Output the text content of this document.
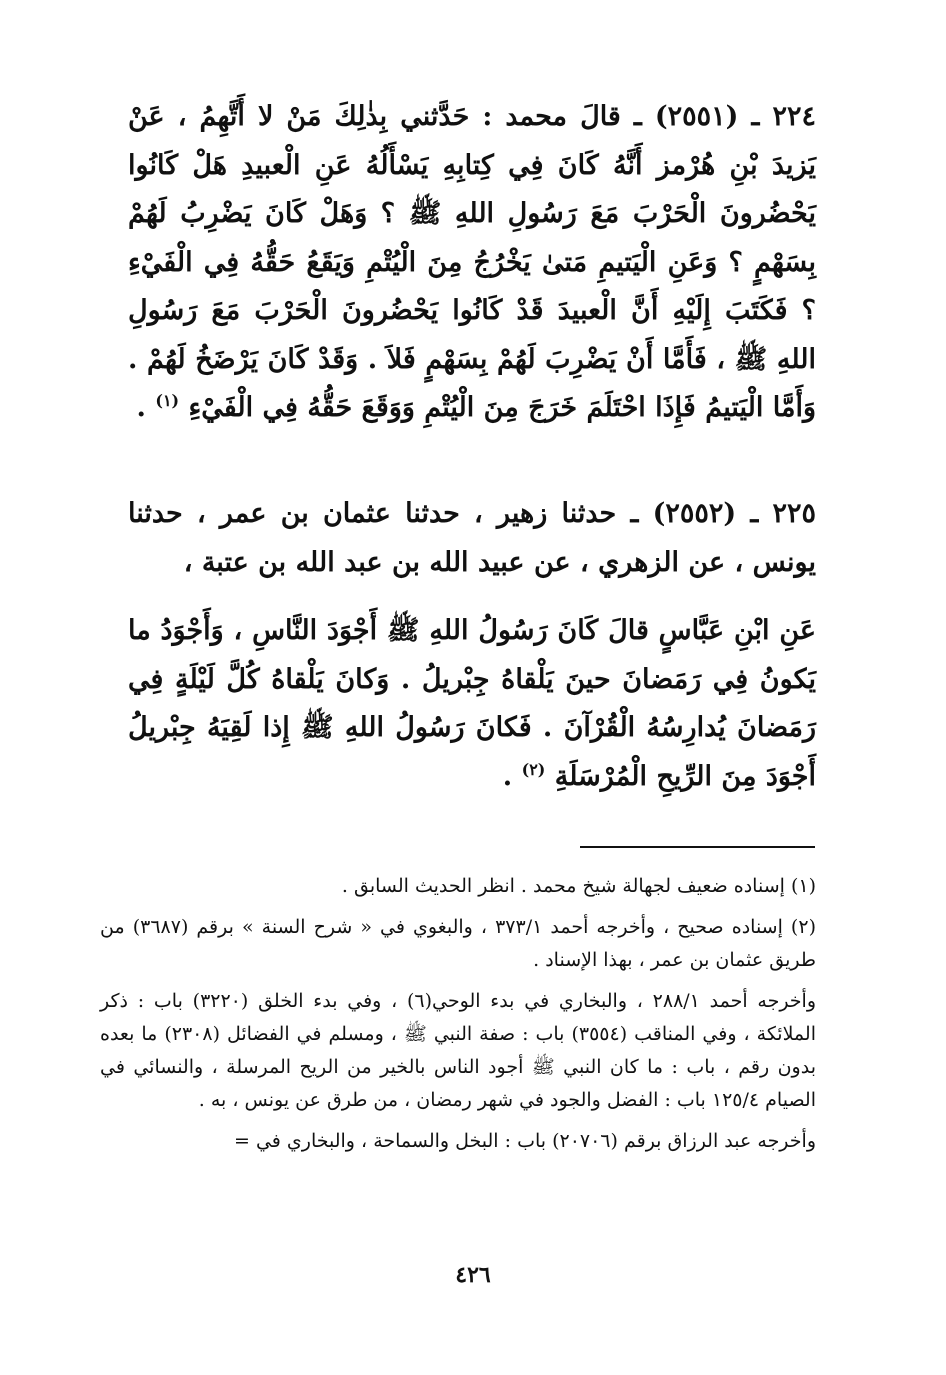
٢٢٤ ـ (٢٥٥١) ـ قالَ محمد : حَدَّثني بِذٰلِكَ مَنْ لا أَتَّهِمُ ، عَنْ يَزيدَ بْنِ هُرْمز أَنَّهُ كَانَ فِي كِتابِهِ يَسْأَلُهُ عَنِ الْعبيدِ هَلْ كَانُوا يَحْضُرونَ الْحَرْبَ مَعَ رَسُولِ اللهِ ﷺ ؟ وَهَلْ كَانَ يَضْرِبُ لَهُمْ بِسَهْمٍ ؟ وَعَنِ الْيَتيمِ مَتىٰ يَخْرُجُ مِنَ الْيُتْمِ وَيَقَعُ حَقُّهُ فِي الْفَيْءِ ؟ فَكَتَبَ إِلَيْهِ أَنَّ الْعبيدَ قَدْ كَانُوا يَحْضُرونَ الْحَرْبَ مَعَ رَسُولِ اللهِ ﷺ ، فَأَمَّا أَنْ يَضْرِبَ لَهُمْ بِسَهْمٍ فَلاَ . وَقَدْ كَانَ يَرْضَخُ لَهُمْ . وَأَمَّا الْيَتيمُ فَإِذَا احْتَلَمَ خَرَجَ مِنَ الْيُتْمِ وَوَقَعَ حَقُّهُ فِي الْفَيْءِ $^{(١)}$ .
٢٢٥ ـ (٢٥٥٢) ـ حدثنا زهير ، حدثنا عثمان بن عمر ، حدثنا يونس ، عن الزهري ، عن عبيد الله بن عبد الله بن عتبة ،
عَنِ ابْنِ عَبَّاسٍ قالَ كَانَ رَسُولُ اللهِ ﷺ أَجْوَدَ النَّاسِ ، وَأَجْوَدُ ما يَكونُ فِي رَمَضانَ حينَ يَلْقاهُ جِبْريلُ . وَكانَ يَلْقاهُ كُلَّ لَيْلَةٍ فِي رَمَضانَ يُدارِسُهُ الْقُرْآنَ . فَكانَ رَسُولُ اللهِ ﷺ إِذا لَقِيَهُ جِبْريلُ أَجْوَدَ مِنَ الرِّيحِ الْمُرْسَلَةِ $^{(٢)}$ .

(١) إسناده ضعيف لجهالة شيخ محمد . انظر الحديث السابق .

(٢) إسناده صحيح ، وأخرجه أحمد ٣٧٣/١ ، والبغوي في « شرح السنة » برقم (٣٦٨٧) من طريق عثمان بن عمر ، بهذا الإسناد .

وأخرجه أحمد ٢٨٨/١ ، والبخاري في بدء الوحي(٦) ، وفي بدء الخلق (٣٢٢٠) باب : ذكر الملائكة ، وفي المناقب (٣٥٥٤) باب : صفة النبي ﷺ ، ومسلم في الفضائل (٢٣٠٨) ما بعده بدون رقم ، باب : ما كان النبي ﷺ أجود الناس بالخير من الريح المرسلة ، والنسائي في الصيام ١٢٥/٤ باب : الفضل والجود في شهر رمضان ، من طرق عن يونس ، به .

وأخرجه عبد الرزاق برقم (٢٠٧٠٦) باب : البخل والسماحة ، والبخاري في =

٤٢٦
